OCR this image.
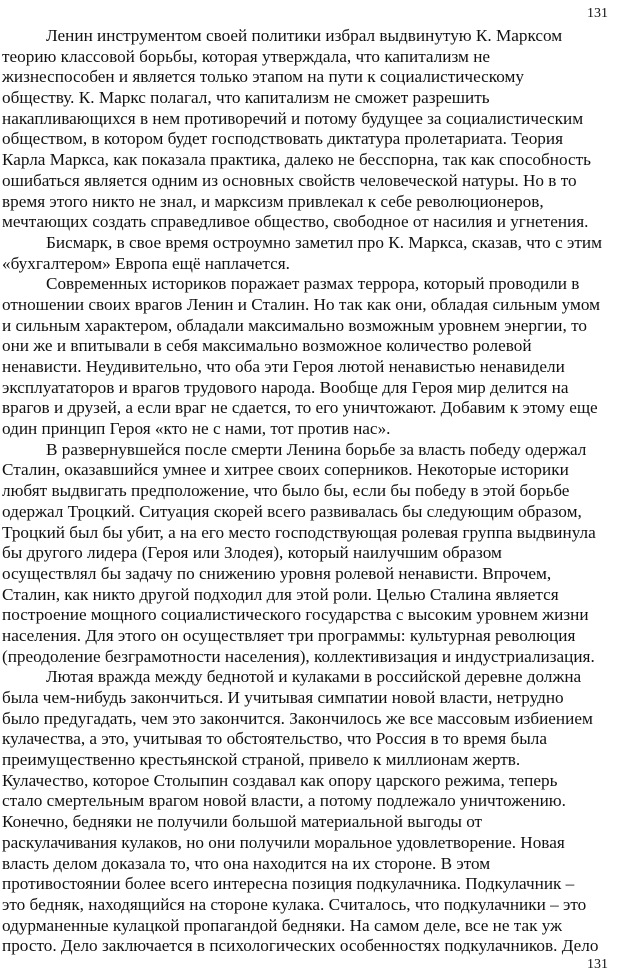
131
Ленин инструментом своей политики избрал выдвинутую К. Марксом
теорию классовой борьбы, которая утверждала, что капитализм не
жизнеспособен и является только этапом на пути к социалистическому
обществу. К. Маркс полагал, что капитализм не сможет разрешить
накапливающихся в нем противоречий и потому будущее за социалистическим
обществом, в котором будет господствовать диктатура пролетариата. Теория
Карла Маркса, как показала практика, далеко не бесспорна, так как способность
ошибаться является одним из основных свойств человеческой натуры. Но в то
время этого никто не знал, и марксизм привлекал к себе революционеров,
мечтающих создать справедливое общество, свободное от насилия и угнетения.
Бисмарк, в свое время остроумно заметил про К. Маркса, сказав, что с этим
«бухгалтером» Европа ещё наплачется.
Современных историков поражает размах террора, который проводили в
отношении своих врагов Ленин и Сталин. Но так как они, обладая сильным умом
и сильным характером, обладали максимально возможным уровнем энергии, то
они же и впитывали в себя максимально возможное количество ролевой
ненависти. Неудивительно, что оба эти Героя лютой ненавистью ненавидели
эксплуататоров и врагов трудового народа. Вообще для Героя мир делится на
врагов и друзей, а если враг не сдается, то его уничтожают. Добавим к этому еще
один принцип Героя «кто не с нами, тот против нас».
В развернувшейся после смерти Ленина борьбе за власть победу одержал
Сталин, оказавшийся умнее и хитрее своих соперников. Некоторые историки
любят выдвигать предположение, что было бы, если бы победу в этой борьбе
одержал Троцкий. Ситуация скорей всего развивалась бы следующим образом,
Троцкий был бы убит, а на его место господствующая ролевая группа выдвинула
бы другого лидера (Героя или Злодея), который наилучшим образом
осуществлял бы задачу по снижению уровня ролевой ненависти. Впрочем,
Сталин, как никто другой подходил для этой роли. Целью Сталина является
построение мощного социалистического государства с высоким уровнем жизни
населения. Для этого он осуществляет три программы: культурная революция
(преодоление безграмотности населения), коллективизация и индустриализация.
Лютая вражда между беднотой и кулаками в российской деревне должна
была чем-нибудь закончиться. И учитывая симпатии новой власти, нетрудно
было предугадать, чем это закончится. Закончилось же все массовым избиением
кулачества, а это, учитывая то обстоятельство, что Россия в то время была
преимущественно крестьянской страной, привело к миллионам жертв.
Кулачество, которое Столыпин создавал как опору царского режима, теперь
стало смертельным врагом новой власти, а потому подлежало уничтожению.
Конечно, бедняки не получили большой материальной выгоды от
раскулачивания кулаков, но они получили моральное удовлетворение. Новая
власть делом доказала то, что она находится на их стороне. В этом
противостоянии более всего интересна позиция подкулачника. Подкулачник –
это бедняк, находящийся на стороне кулака. Считалось, что подкулачники – это
одурманенные кулацкой пропагандой бедняки. На самом деле, все не так уж
просто. Дело заключается в психологических особенностях подкулачников. Дело
131
